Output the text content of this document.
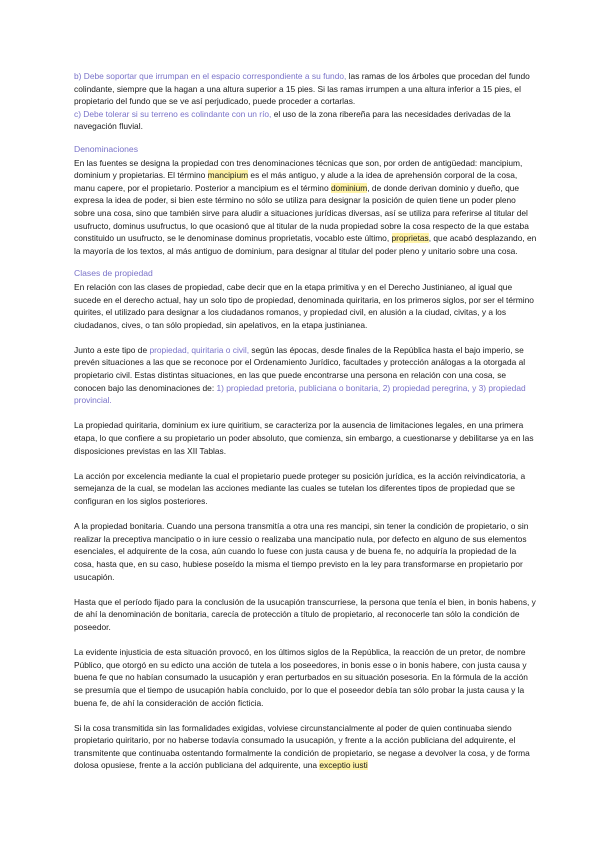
b) Debe soportar que irrumpan en el espacio correspondiente a su fundo, las ramas de los árboles que procedan del fundo colindante, siempre que la hagan a una altura superior a 15 pies. Si las ramas irrumpen a una altura inferior a 15 pies, el propietario del fundo que se ve así perjudicado, puede proceder a cortarlas.
c) Debe tolerar si su terreno es colindante con un río, el uso de la zona ribereña para las necesidades derivadas de la navegación fluvial.

Denominaciones

En las fuentes se designa la propiedad con tres denominaciones técnicas que son, por orden de antigüedad: mancipium, dominium y propietarias. El término mancipium es el más antiguo, y alude a la idea de aprehensión corporal de la cosa, manu capere, por el propietario. Posterior a mancipium es el término dominium, de donde derivan dominio y dueño, que expresa la idea de poder, si bien este término no sólo se utiliza para designar la posición de quien tiene un poder pleno sobre una cosa, sino que también sirve para aludir a situaciones jurídicas diversas, así se utiliza para referirse al titular del usufructo, dominus usufructus, lo que ocasionó que al titular de la nuda propiedad sobre la cosa respecto de la que estaba constituido un usufructo, se le denominase dominus proprietatis, vocablo este último, proprietas, que acabó desplazando, en la mayoría de los textos, al más antiguo de dominium, para designar al titular del poder pleno y unitario sobre una cosa.

Clases de propiedad

En relación con las clases de propiedad, cabe decir que en la etapa primitiva y en el Derecho Justinianeo, al igual que sucede en el derecho actual, hay un solo tipo de propiedad, denominada quiritaria, en los primeros siglos, por ser el término quirites, el utilizado para designar a los ciudadanos romanos, y propiedad civil, en alusión a la ciudad, civitas, y a los ciudadanos, cives, o tan sólo propiedad, sin apelativos, en la etapa justinianea.

Junto a este tipo de propiedad, quiritaria o civil, según las épocas, desde finales de la República hasta el bajo imperio, se prevén situaciones a las que se reconoce por el Ordenamiento Jurídico, facultades y protección análogas a la otorgada al propietario civil. Estas distintas situaciones, en las que puede encontrarse una persona en relación con una cosa, se conocen bajo las denominaciones de: 1) propiedad pretoria, publiciana o bonitaria, 2) propiedad peregrina, y 3) propiedad provincial.

La propiedad quiritaria, dominium ex iure quiritium, se caracteriza por la ausencia de limitaciones legales, en una primera etapa, lo que confiere a su propietario un poder absoluto, que comienza, sin embargo, a cuestionarse y debilitarse ya en las disposiciones previstas en las XII Tablas.

La acción por excelencia mediante la cual el propietario puede proteger su posición jurídica, es la acción reivindicatoria, a semejanza de la cual, se modelan las acciones mediante las cuales se tutelan los diferentes tipos de propiedad que se configuran en los siglos posteriores.

A la propiedad bonitaria. Cuando una persona transmitía a otra una res mancipi, sin tener la condición de propietario, o sin realizar la preceptiva mancipatio o in iure cessio o realizaba una mancipatio nula, por defecto en alguno de sus elementos esenciales, el adquirente de la cosa, aún cuando lo fuese con justa causa y de buena fe, no adquiría la propiedad de la cosa, hasta que, en su caso, hubiese poseído la misma el tiempo previsto en la ley para transformarse en propietario por usucapión.

Hasta que el período fijado para la conclusión de la usucapión transcurriese, la persona que tenía el bien, in bonis habens, y de ahí la denominación de bonitaria, carecía de protección a título de propietario, al reconocerle tan sólo la condición de poseedor.

La evidente injusticia de esta situación provocó, en los últimos siglos de la República, la reacción de un pretor, de nombre Público, que otorgó en su edicto una acción de tutela a los poseedores, in bonis esse o in bonis habere, con justa causa y buena fe que no habían consumado la usucapión y eran perturbados en su situación posesoria. En la fórmula de la acción se presumía que el tiempo de usucapión había concluido, por lo que el poseedor debía tan sólo probar la justa causa y la buena fe, de ahí la consideración de acción ficticia.

Si la cosa transmitida sin las formalidades exigidas, volviese circunstancialmente al poder de quien continuaba siendo propietario quiritario, por no haberse todavía consumado la usucapión, y frente a la acción publiciana del adquirente, el transmitente que continuaba ostentando formalmente la condición de propietario, se negase a devolver la cosa, y de forma dolosa opusiese, frente a la acción publiciana del adquirente, una exceptio iusti
